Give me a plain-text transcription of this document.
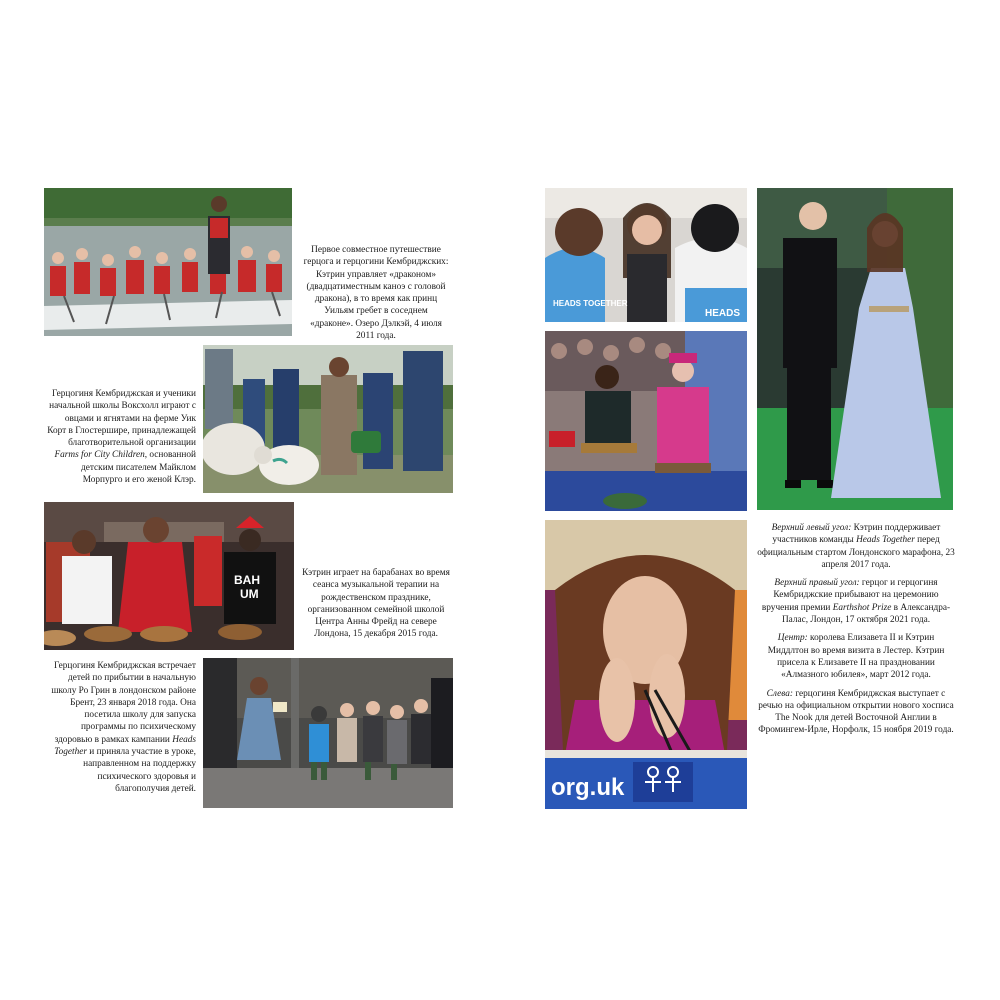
Первое совместное путешествие герцога и герцогини Кембриджских: Кэтрин управляет «драконом» (двадцатиместным каноэ с головой дракона), в то время как принц Уильям гребет в соседнем «драконе». Озеро Дэлкэй, 4 июля 2011 года.

Герцогиня Кембриджская и ученики начальной школы Воксхолл играют с овцами и ягнятами на ферме Уик Корт в Глостершире, принадлежащей благотворительной организации Farms for City Children, основанной детским писателем Майклом Морпурго и его женой Клэр.

BAH
UM

Кэтрин играет на барабанах во время сеанса музыкальной терапии на рождественском празднике, организованном семейной школой Центра Анны Фрейд на севере Лондона, 15 декабря 2015 года.

Герцогиня Кембриджская встречает детей по прибытии в начальную школу Ро Грин в лондонском районе Брент, 23 января 2018 года. Она посетила школу для запуска программы по психическому здоровью в рамках кампании Heads Together и приняла участие в уроке, направленном на поддержку психического здоровья и благополучия детей.

HEADS TOGETHER
HEADS
org.uk

Верхний левый угол: Кэтрин поддерживает участников команды Heads Together перед официальным стартом Лондонского марафона, 23 апреля 2017 года.

Верхний правый угол: герцог и герцогиня Кембриджские прибывают на церемонию вручения премии Earthshot Prize в Александра-Палас, Лондон, 17 октября 2021 года.

Центр: королева Елизавета II и Кэтрин Миддлтон во время визита в Лестер. Кэтрин присела к Елизавете II на праздновании «Алмазного юбилея», март 2012 года.

Слева: герцогиня Кембриджская выступает с речью на официальном открытии нового хосписа The Nook для детей Восточной Англии в Фромингем-Ирле, Норфолк, 15 ноября 2019 года.
